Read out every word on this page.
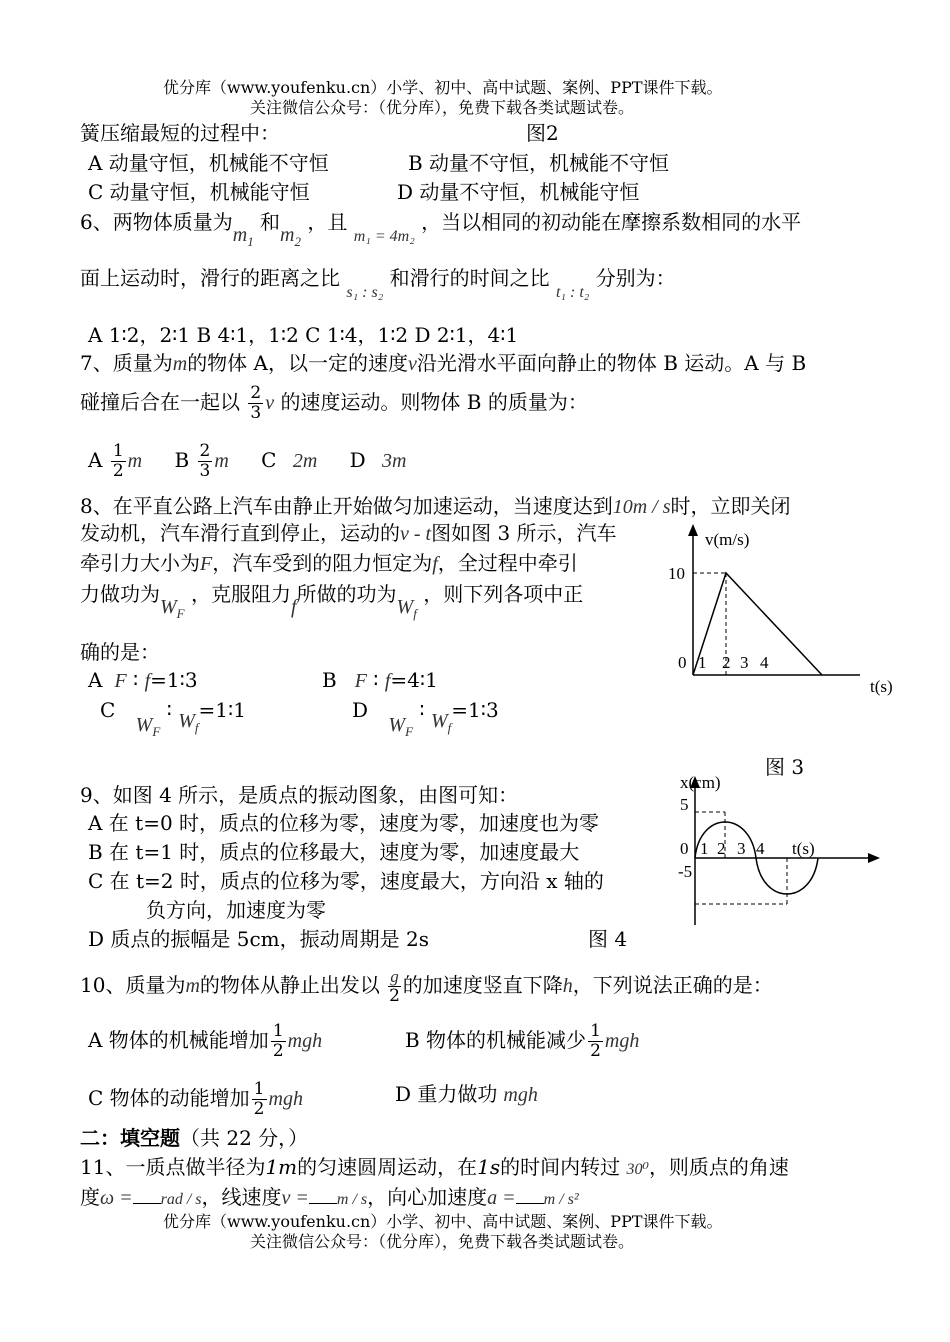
优分库（www.youfenku.cn）小学、初中、高中试题、案例、PPT课件下载。
关注微信公众号：（优分库），免费下载各类试题试卷。
簧压缩最短的过程中：	图2
A 动量守恒，机械能不守恒	B 动量不守恒，机械能不守恒
C 动量守恒，机械能守恒	D 动量不守恒，机械能守恒
6、两物体质量为$m_1$ 和$m_2$ ，且 $_{m_1 = 4m_2}$ ，当以相同的初动能在摩擦系数相同的水平
面上运动时，滑行的距离之比 $_{s_1 : s_2}$ 和滑行的时间之比 $_{t_1 : t_2}$ 分别为：
A 1∶2，2∶1 B 4∶1，1∶2 C 1∶4，1∶2 D 2∶1，4∶1
7、质量为m的物体 A，以一定的速度v沿光滑水平面向静止的物体 B 运动。A 与 B
碰撞后合在一起以 $\frac{2}{3}$ v 的速度运动。则物体 B 的质量为：
A $\frac{1}{2}$ m B $\frac{2}{3}$ m C 2m D 3m
8、在平直公路上汽车由静止开始做匀加速运动，当速度达到10m / s时，立即关闭
发动机，汽车滑行直到停止，运动的v - t图如图 3 所示，汽车
牵引力大小为F，汽车受到的阻力恒定为f，全过程中牵引
力做功为$W_F$ ，克服阻力f所做的功为$W_f$ ，则下列各项中正
确的是：
A F ∶ f=1∶3	B F ∶ f=4∶1
C $W_F$ ∶ $W_f=1∶1$	D $W_F$ ∶ $W_f=1∶3$
v(m/s)
10
t(s)
0 1 2 3 4
图 3
9、如图 4 所示，是质点的振动图象，由图可知：
A 在 t=0 时，质点的位移为零，速度为零，加速度也为零
B 在 t=1 时，质点的位移最大，速度为零，加速度最大
C 在 t=2 时，质点的位移为零，速度最大，方向沿 x 轴的
负方向，加速度为零
D 质点的振幅是 5cm，振动周期是 2s	图 4
x(cm)
5
-5
0 1 2 3 4 t(s)
10、质量为m的物体从静止出发以 $\frac{g}{2}$ 的加速度竖直下降h，下列说法正确的是：
A 物体的机械能增加 $\frac{1}{2}$ mgh	B 物体的机械能减少 $\frac{1}{2}$ mgh
C 物体的动能增加 $\frac{1}{2}$ mgh	D 重力做功 mgh
二：填空题（共 22 分，）
11、一质点做半径为1m的匀速圆周运动，在1s的时间内转过 30⁰，则质点的角速
度ω = rad / s，线速度v = m / s，向心加速度a = m / s²
优分库（www.youfenku.cn）小学、初中、高中试题、案例、PPT课件下载。
关注微信公众号：（优分库），免费下载各类试题试卷。
